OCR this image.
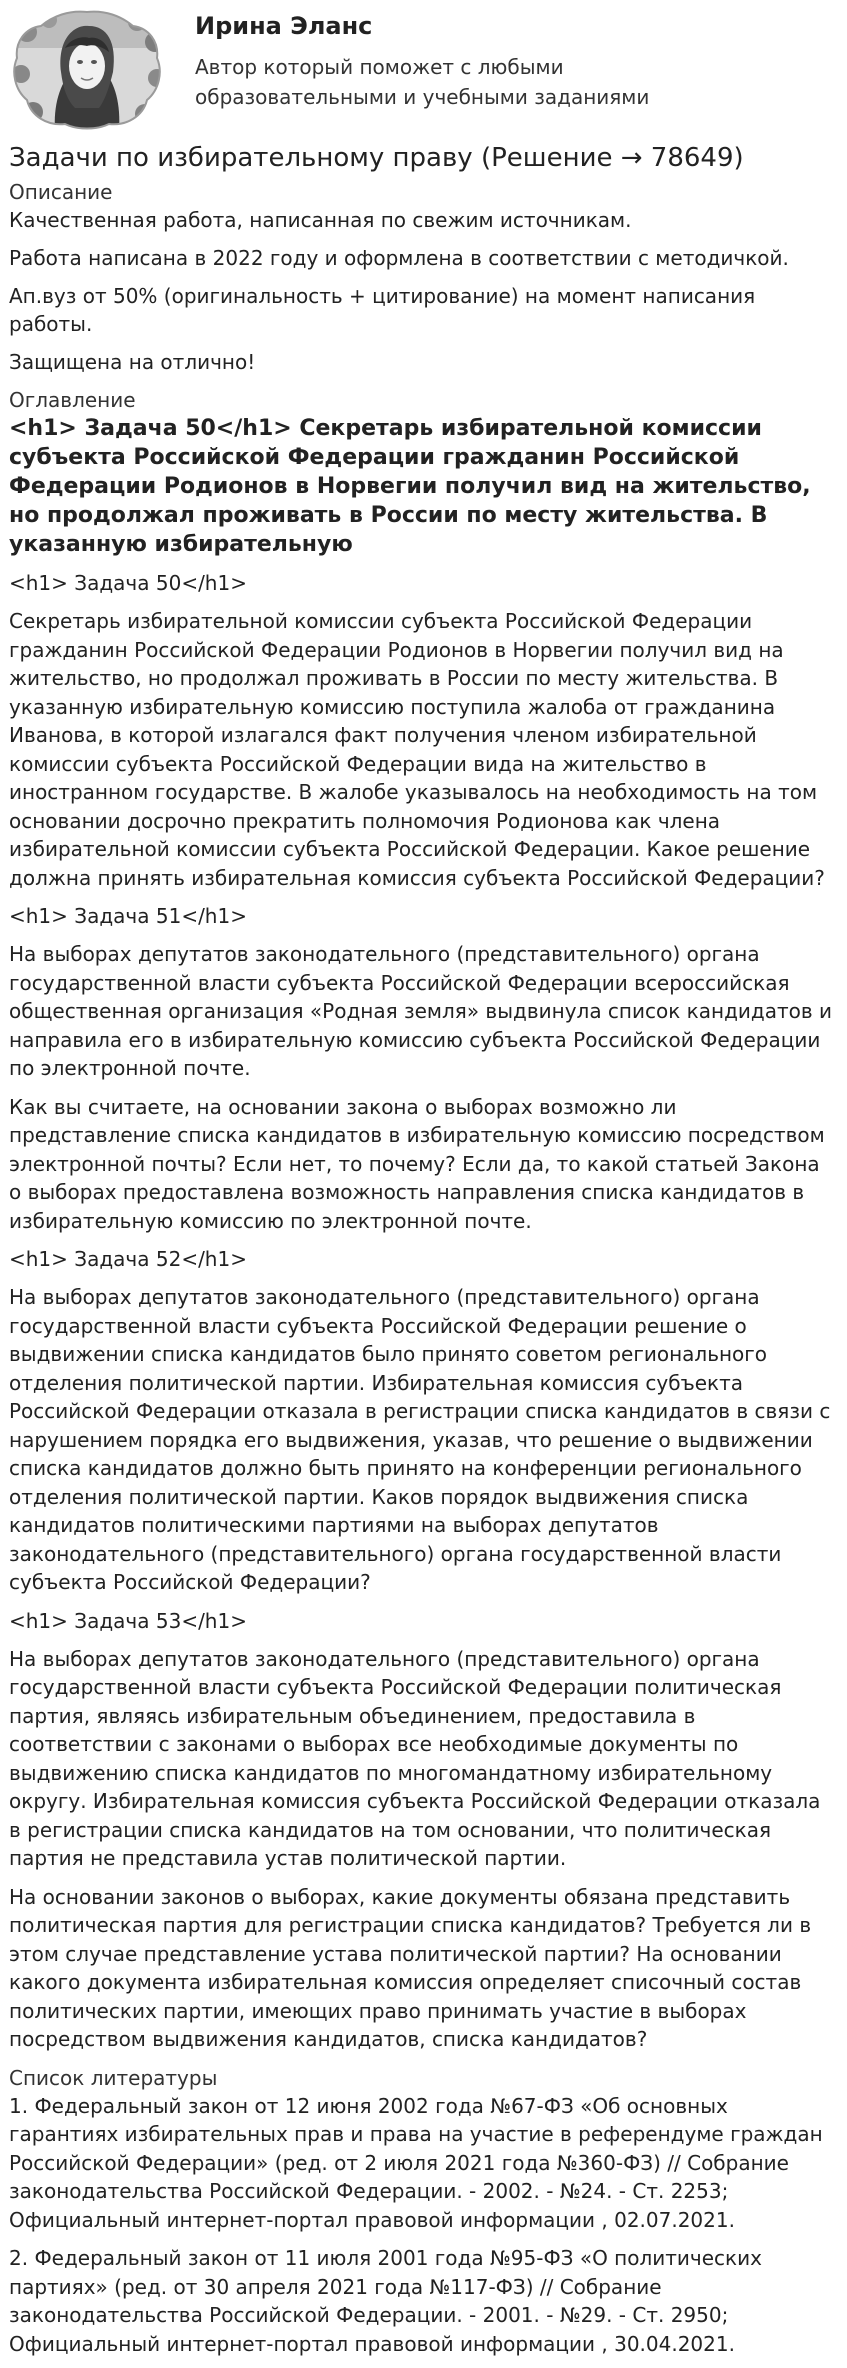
Ирина Эланс

Автор который поможет с любыми образовательными и учебными заданиями

Задачи по избирательному праву (Решение → 78649)

Описание

Качественная работа, написанная по свежим источникам.

Работа написана в 2022 году и оформлена в соответствии с методичкой.

Ап.вуз от 50% (оригинальность + цитирование) на момент написания работы.

Защищена на отлично!

Оглавление

<h1> Задача 50</h1> Секретарь избирательной комиссии субъекта Российской Федерации гражданин Российской Федерации Родионов в Норвегии получил вид на жительство, но продолжал проживать в России по месту жительства. В указанную избирательную

<h1> Задача 50</h1>

Секретарь избирательной комиссии субъекта Российской Федерации гражданин Российской Федерации Родионов в Норвегии получил вид на жительство, но продолжал проживать в России по месту жительства. В указанную избирательную комиссию поступила жалоба от гражданина Иванова, в которой излагался факт получения членом избирательной комиссии субъекта Российской Федерации вида на жительство в иностранном государстве. В жалобе указывалось на необходимость на том основании досрочно прекратить полномочия Родионова как члена избирательной комиссии субъекта Российской Федерации. Какое решение должна принять избирательная комиссия субъекта Российской Федерации?

<h1> Задача 51</h1>

На выборах депутатов законодательного (представительного) органа государственной власти субъекта Российской Федерации всероссийская общественная организация «Родная земля» выдвинула список кандидатов и направила его в избирательную комиссию субъекта Российской Федерации по электронной почте.

Как вы считаете, на основании закона о выборах возможно ли представление списка кандидатов в избирательную комиссию посредством электронной почты? Если нет, то почему? Если да, то какой статьей Закона о выборах предоставлена возможность направления списка кандидатов в избирательную комиссию по электронной почте.

<h1> Задача 52</h1>

На выборах депутатов законодательного (представительного) органа государственной власти субъекта Российской Федерации решение о выдвижении списка кандидатов было принято советом регионального отделения политической партии. Избирательная комиссия субъекта Российской Федерации отказала в регистрации списка кандидатов в связи с нарушением порядка его выдвижения, указав, что решение о выдвижении списка кандидатов должно быть принято на конференции регионального отделения политической партии. Каков порядок выдвижения списка кандидатов политическими партиями на выборах депутатов законодательного (представительного) органа государственной власти субъекта Российской Федерации?

<h1> Задача 53</h1>

На выборах депутатов законодательного (представительного) органа государственной власти субъекта Российской Федерации политическая партия, являясь избирательным объединением, предоставила в соответствии с законами о выборах все необходимые документы по выдвижению списка кандидатов по многомандатному избирательному округу. Избирательная комиссия субъекта Российской Федерации отказала в регистрации списка кандидатов на том основании, что политическая партия не представила устав политической партии.

На основании законов о выборах, какие документы обязана представить политическая партия для регистрации списка кандидатов? Требуется ли в этом случае представление устава политической партии? На основании какого документа избирательная комиссия определяет списочный состав политических партии, имеющих право принимать участие в выборах посредством выдвижения кандидатов, списка кандидатов?

Список литературы

1. Федеральный закон от 12 июня 2002 года №67-ФЗ «Об основных гарантиях избирательных прав и права на участие в референдуме граждан Российской Федерации» (ред. от 2 июля 2021 года №360-ФЗ) // Собрание законодательства Российской Федерации. - 2002. - №24. - Ст. 2253; Официальный интернет-портал правовой информации , 02.07.2021.

2. Федеральный закон от 11 июля 2001 года №95-ФЗ «О политических партиях» (ред. от 30 апреля 2021 года №117-ФЗ) // Собрание законодательства Российской Федерации. - 2001. - №29. - Ст. 2950; Официальный интернет-портал правовой информации , 30.04.2021.
